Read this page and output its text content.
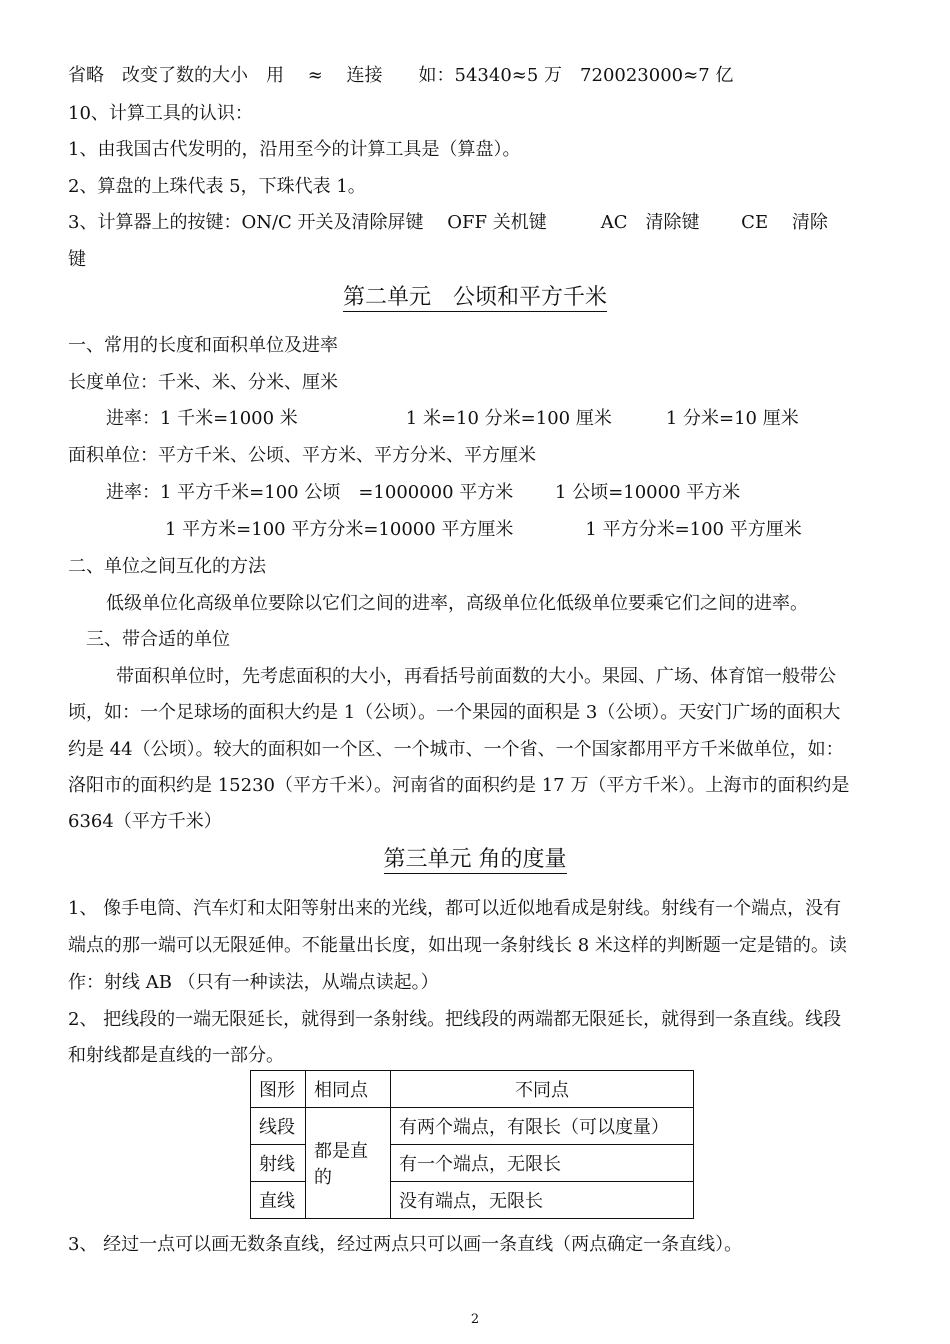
省略　改变了数的大小　用　 ≈ 　连接　　如：54340≈5 万　720023000≈7 亿
10、计算工具的认识：
1、由我国古代发明的，沿用至今的计算工具是（算盘）。
2、算盘的上珠代表 5，下珠代表 1。
3、计算器上的按键：ON/C 开关及清除屏键　 OFF 关机键　　　AC　清除键　　 CE　 清除
键
第二单元　公顷和平方千米
一、常用的长度和面积单位及进率
长度单位：千米、米、分米、厘米
进率：1 千米=1000 米　　　　　　1 米=10 分米=100 厘米　　　1 分米=10 厘米
面积单位：平方千米、公顷、平方米、平方分米、平方厘米
进率：1 平方千米=100 公顷　=1000000 平方米　　 1 公顷=10000 平方米
1 平方米=100 平方分米=10000 平方厘米　　　　1 平方分米=100 平方厘米
二、单位之间互化的方法
低级单位化高级单位要除以它们之间的进率，高级单位化低级单位要乘它们之间的进率。
三、带合适的单位
带面积单位时，先考虑面积的大小，再看括号前面数的大小。果园、广场、体育馆一般带公
顷，如：一个足球场的面积大约是 1（公顷）。一个果园的面积是 3（公顷）。天安门广场的面积大
约是 44（公顷）。较大的面积如一个区、一个城市、一个省、一个国家都用平方千米做单位，如：
洛阳市的面积约是 15230（平方千米）。河南省的面积约是 17 万（平方千米）。上海市的面积约是
6364（平方千米）
第三单元 角的度量
1、 像手电筒、汽车灯和太阳等射出来的光线，都可以近似地看成是射线。射线有一个端点，没有
端点的那一端可以无限延伸。不能量出长度，如出现一条射线长 8 米这样的判断题一定是错的。读
作：射线 AB （只有一种读法，从端点读起。）
2、 把线段的一端无限延长，就得到一条射线。把线段的两端都无限延长，就得到一条直线。线段
和射线都是直线的一部分。
图形	相同点	不同点
线段	都是直的	有两个端点，有限长（可以度量）
射线		有一个端点，无限长
直线		没有端点，无限长
3、 经过一点可以画无数条直线，经过两点只可以画一条直线（两点确定一条直线）。
2
